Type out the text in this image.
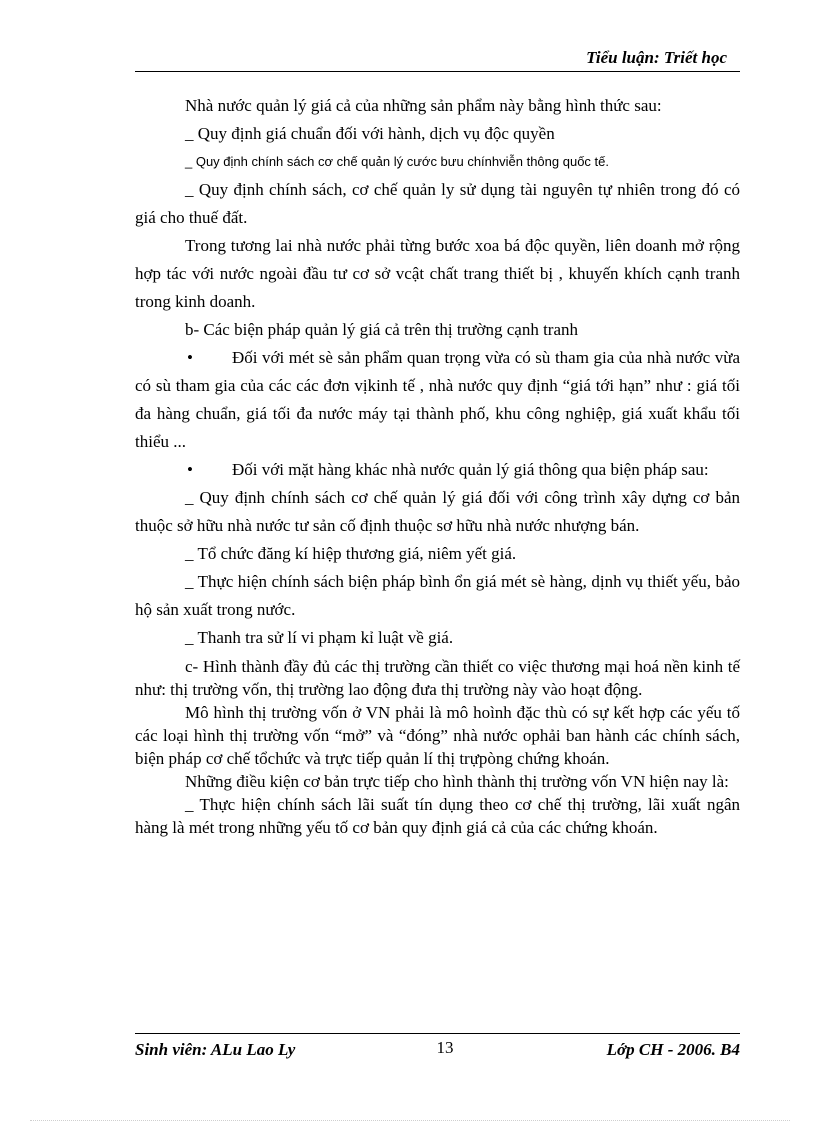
Tiểu luận: Triết học

Nhà nước quản lý giá cả của những sản phẩm này bằng hình thức sau:

_ Quy định giá chuẩn đối với hành, dịch vụ độc quyền

_ Quy định chính sách cơ chế quản lý cước bưu chínhviễn thông quốc tế.

_ Quy định chính sách, cơ chế quản ly sử dụng tài nguyên tự nhiên trong đó có giá cho thuế đất.

Trong tương lai nhà nước phải từng bước xoa bá độc quyền, liên doanh mở rộng hợp tác với nước ngoài đầu tư cơ sở vcật chất trang thiết bị , khuyến khích cạnh tranh trong kinh doanh.

b- Các biện pháp quản lý giá cả trên thị trường cạnh tranh

• Đối với mét sè sản phẩm quan trọng vừa có sù tham gia của nhà nước vừa có sù tham gia của các các đơn vịkinh tế , nhà nước quy định “giá tới hạn” như : giá tối đa hàng chuẩn, giá tối đa nước máy tại thành phố, khu công nghiệp, giá xuất khẩu tối thiểu ...

• Đối với mặt hàng khác nhà nước quản lý giá thông qua biện pháp sau:

_ Quy định chính sách cơ chế quản lý giá đối với công trình xây dựng cơ bản thuộc sở hữu nhà nước tư sản cố định thuộc sơ hữu nhà nước nhượng bán.

_ Tổ chức đăng kí hiệp thương giá, niêm yết giá.

_ Thực hiện chính sách biện pháp bình ổn giá mét sè hàng, dịnh vụ thiết yếu, bảo hộ sản xuất trong nước.

_ Thanh tra sử lí vi phạm kỉ luật về giá.

c- Hình thành đầy đủ các thị trường cần thiết co việc thương mại hoá nền kinh tế như: thị trường vốn, thị trường lao động đưa thị trường này vào hoạt động.

Mô hình thị trường vốn ở VN phải là mô hoình đặc thù có sự kết hợp các yếu tố các loại hình thị trường vốn “mở” và “đóng” nhà nước ophải ban hành các chính sách, biện pháp cơ chế tổchức và trực tiếp quản lí thị trựpòng chứng khoán.

Những điều kiện cơ bản trực tiếp cho hình thành thị trường vốn VN hiện nay là:

_ Thực hiện chính sách lãi suất tín dụng theo cơ chế thị trường, lãi xuất ngân hàng là mét trong những yếu tố cơ bản quy định giá cả của các chứng khoán.

Sinh viên: ALu Lao Ly	13	Lớp CH - 2006. B4
